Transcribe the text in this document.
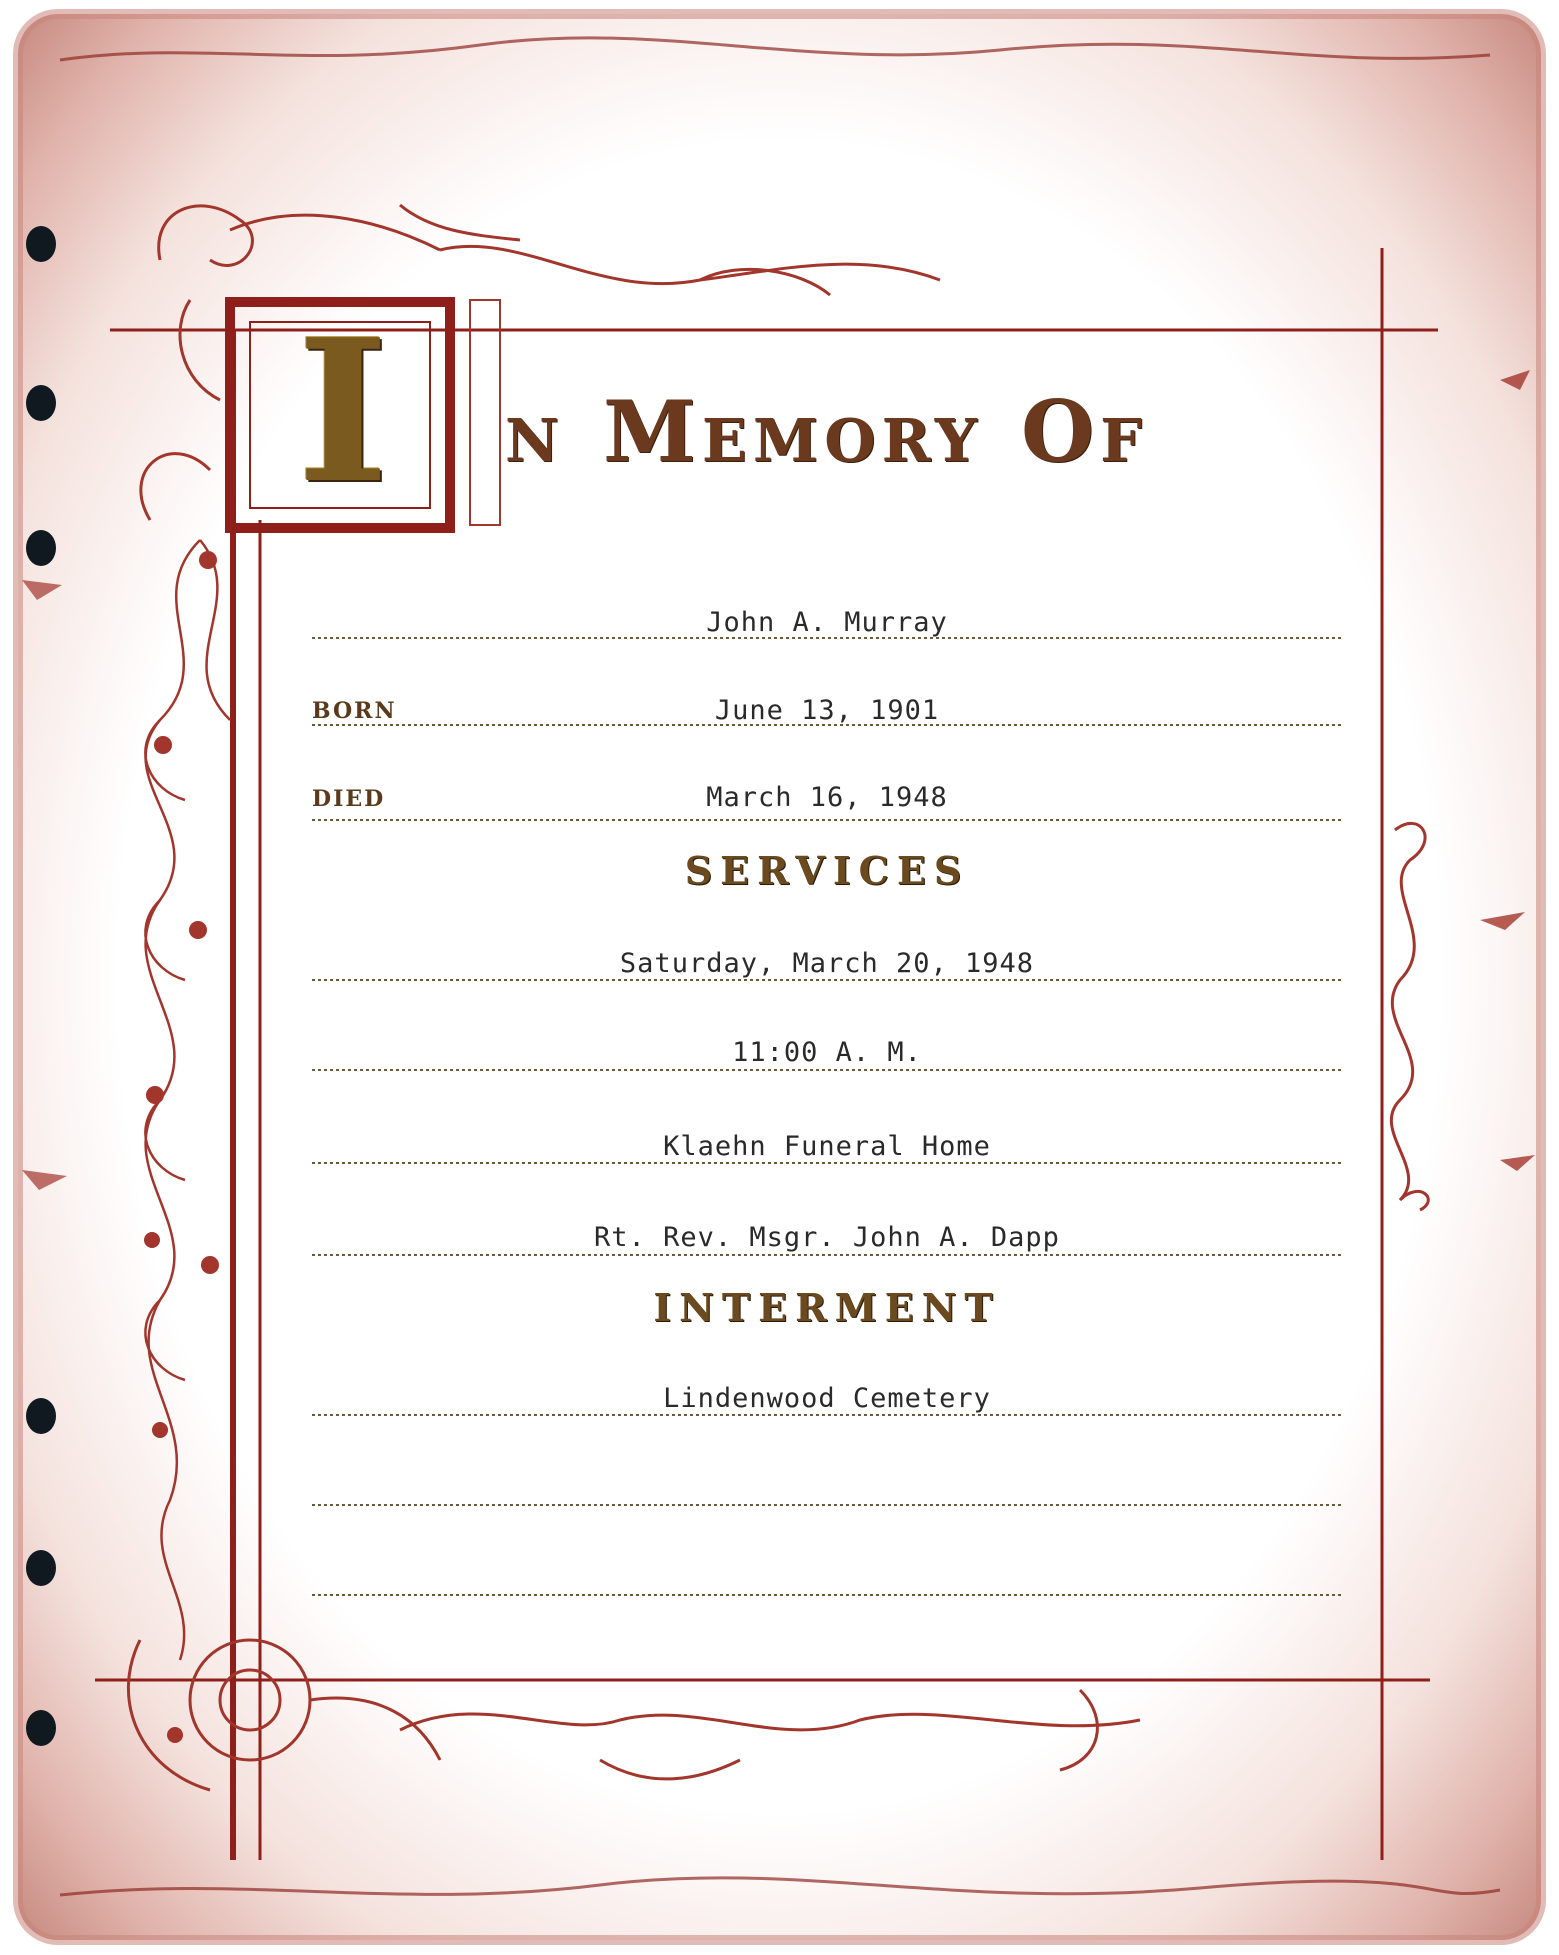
I	n Memory Of
John A. Murray
BORN	June 13, 1901
DIED	March 16, 1948
SERVICES
Saturday, March 20, 1948
11:00 A. M.
Klaehn Funeral Home
Rt. Rev. Msgr. John A. Dapp
INTERMENT
Lindenwood Cemetery
